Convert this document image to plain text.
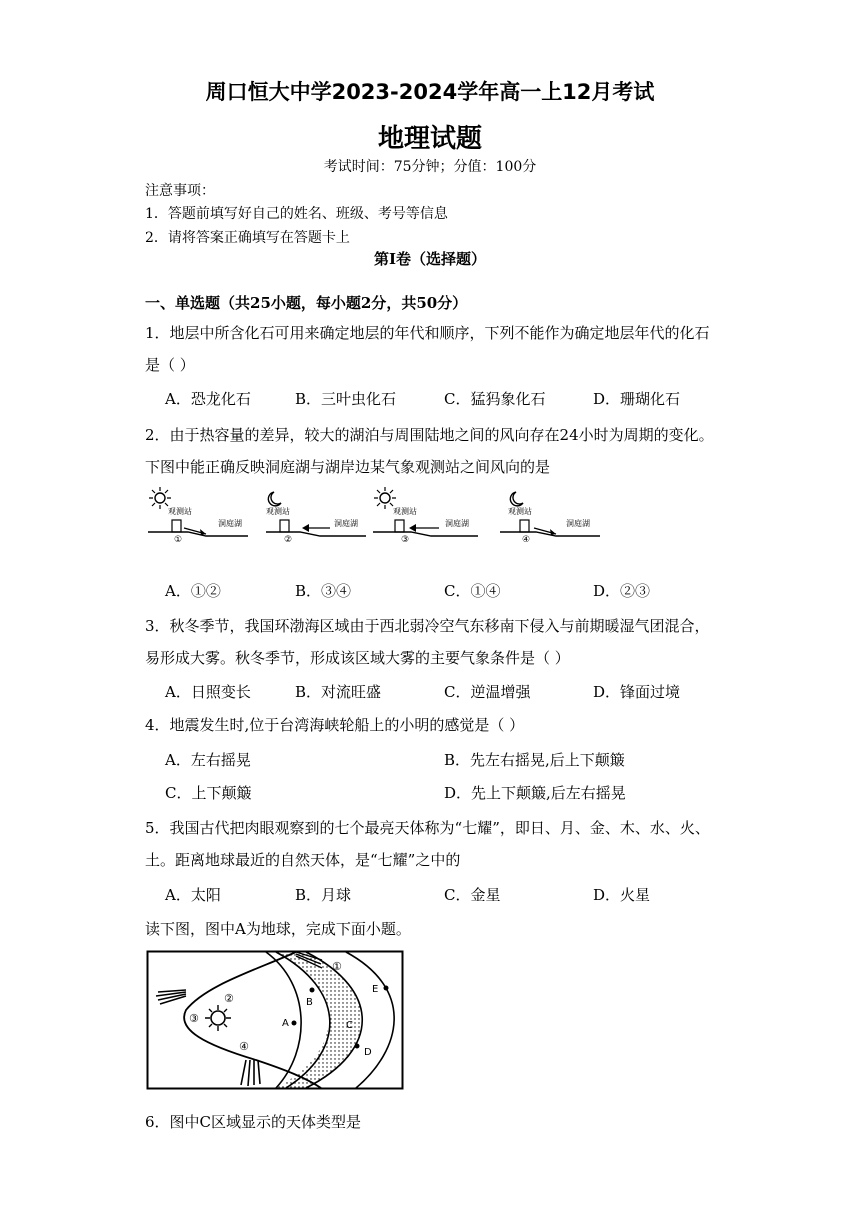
周口恒大中学2023-2024学年高一上12月考试
地理试题
考试时间：75分钟；分值：100分
注意事项：
1．答题前填写好自己的姓名、班级、考号等信息
2．请将答案正确填写在答题卡上
第I卷（选择题）
一、单选题（共25小题，每小题2分，共50分）
1．地层中所含化石可用来确定地层的年代和顺序，下列不能作为确定地层年代的化石
是（ ）
A．恐龙化石	B．三叶虫化石	C．猛犸象化石	D．珊瑚化石
2．由于热容量的差异，较大的湖泊与周围陆地之间的风向存在24小时为周期的变化。
下图中能正确反映洞庭湖与湖岸边某气象观测站之间风向的是
观测站
洞庭湖
①
观测站
洞庭湖
②
观测站
洞庭湖
③
观测站
洞庭湖
④
A．①②	B．③④	C．①④	D．②③
3．秋冬季节，我国环渤海区域由于西北弱冷空气东移南下侵入与前期暖湿气团混合，
易形成大雾。秋冬季节，形成该区域大雾的主要气象条件是（ ）
A．日照变长	B．对流旺盛	C．逆温增强	D．锋面过境
4．地震发生时,位于台湾海峡轮船上的小明的感觉是（ ）
A．左右摇晃	B．先左右摇晃,后上下颠簸
C．上下颠簸	D．先上下颠簸,后左右摇晃
5．我国古代把肉眼观察到的七个最亮天体称为“七耀”，即日、月、金、木、水、火、
土。距离地球最近的自然天体，是“七耀”之中的
A．太阳	B．月球	C．金星	D．火星
读下图，图中A为地球，完成下面小题。
A
B
C
D
E
①
②
③
④
6．图中C区域显示的天体类型是
